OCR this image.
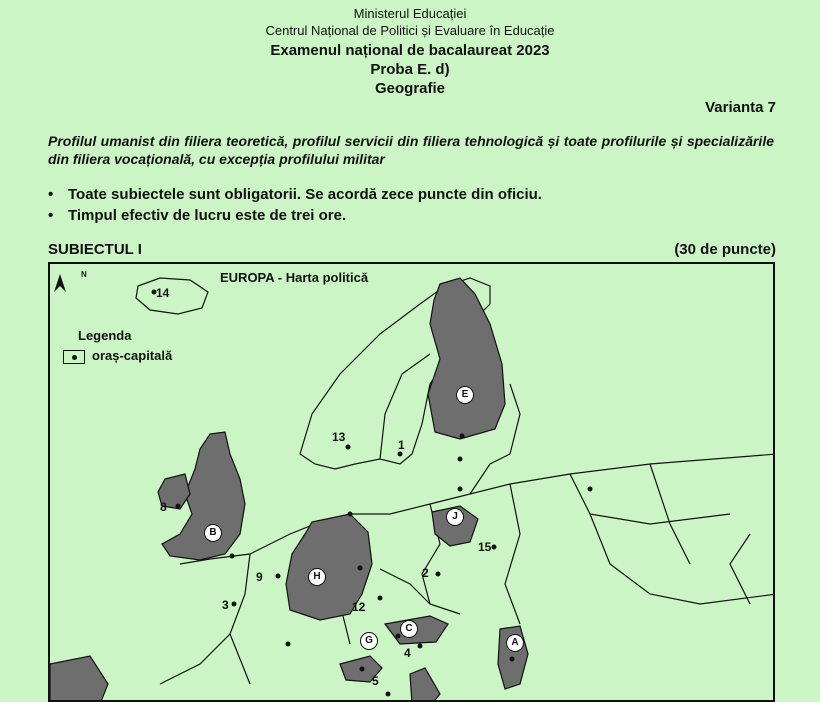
Ministerul Educației
Centrul Național de Politici și Evaluare în Educație
Examenul național de bacalaureat 2023
Proba E. d)
Geografie
Varianta 7
Profilul umanist din filiera teoretică, profilul servicii din filiera tehnologică și toate profilurile și specializările din filiera vocațională, cu excepția profilului militar
• Toate subiectele sunt obligatorii. Se acordă zece puncte din oficiu.
• Timpul efectiv de lucru este de trei ore.
SUBIECTUL I	(30 de puncte)
EUROPA - Harta politică
N
Legenda
oraș-capitală
14
13
1
8
9
3
2
12
15
4
5
E
J
B
H
G
C
A
